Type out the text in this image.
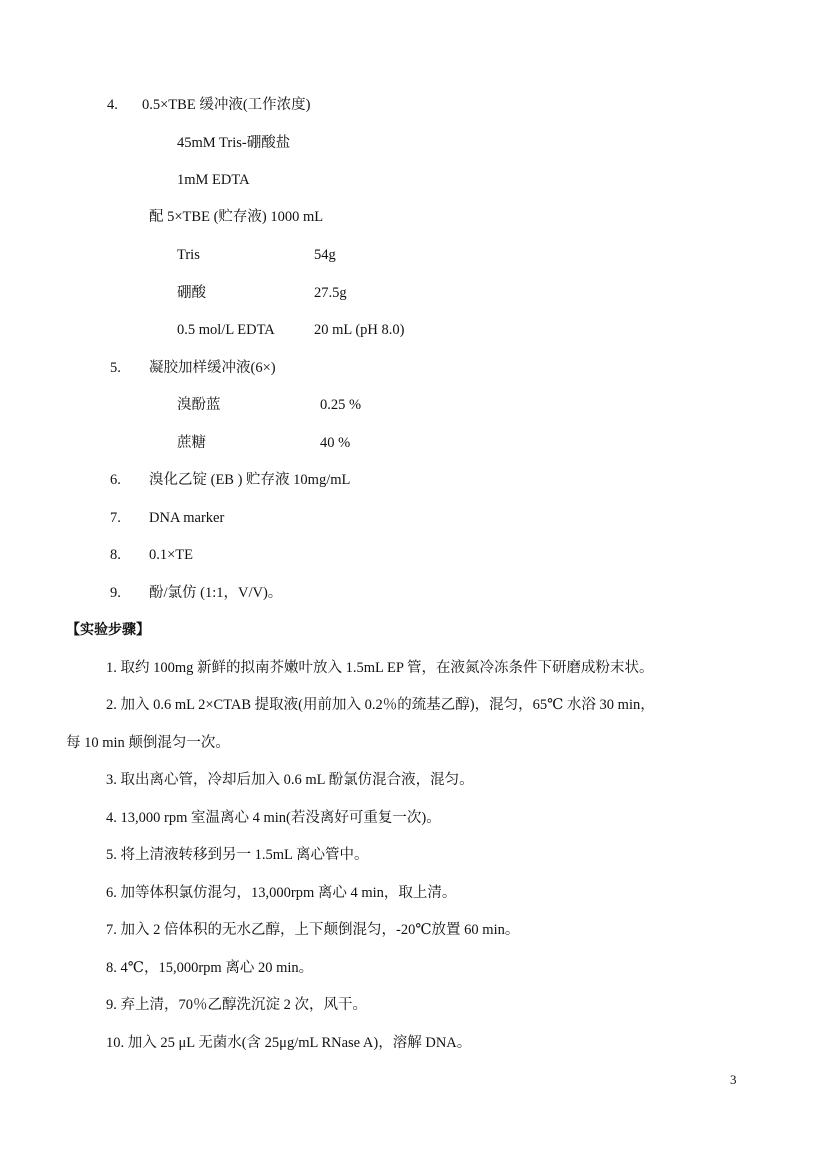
4. 0.5×TBE 缓冲液(工作浓度)
45mM Tris-硼酸盐
1mM EDTA
配 5×TBE (贮存液) 1000 mL
Tris	54g
硼酸	27.5g
0.5 mol/L EDTA	20 mL (pH 8.0)
5. 凝胶加样缓冲液(6×)
溴酚蓝	0.25 %
蔗糖	40 %
6. 溴化乙锭 (EB ) 贮存液 10mg/mL
7. DNA marker
8. 0.1×TE
9. 酚/氯仿 (1:1，V/V)。
【实验步骤】
1. 取约 100mg 新鲜的拟南芥嫩叶放入 1.5mL EP 管，在液氮冷冻条件下研磨成粉末状。
2. 加入 0.6 mL 2×CTAB 提取液(用前加入 0.2％的巯基乙醇)，混匀，65℃ 水浴 30 min，
每 10 min 颠倒混匀一次。
3. 取出离心管，冷却后加入 0.6 mL 酚氯仿混合液，混匀。
4. 13,000 rpm 室温离心 4 min(若没离好可重复一次)。
5. 将上清液转移到另一 1.5mL 离心管中。
6. 加等体积氯仿混匀，13,000rpm 离心 4 min，取上清。
7. 加入 2 倍体积的无水乙醇，上下颠倒混匀，-20℃放置 60 min。
8. 4℃，15,000rpm 离心 20 min。
9. 弃上清，70％乙醇洗沉淀 2 次，风干。
10. 加入 25 μL 无菌水(含 25μg/mL RNase A)，溶解 DNA。
3
